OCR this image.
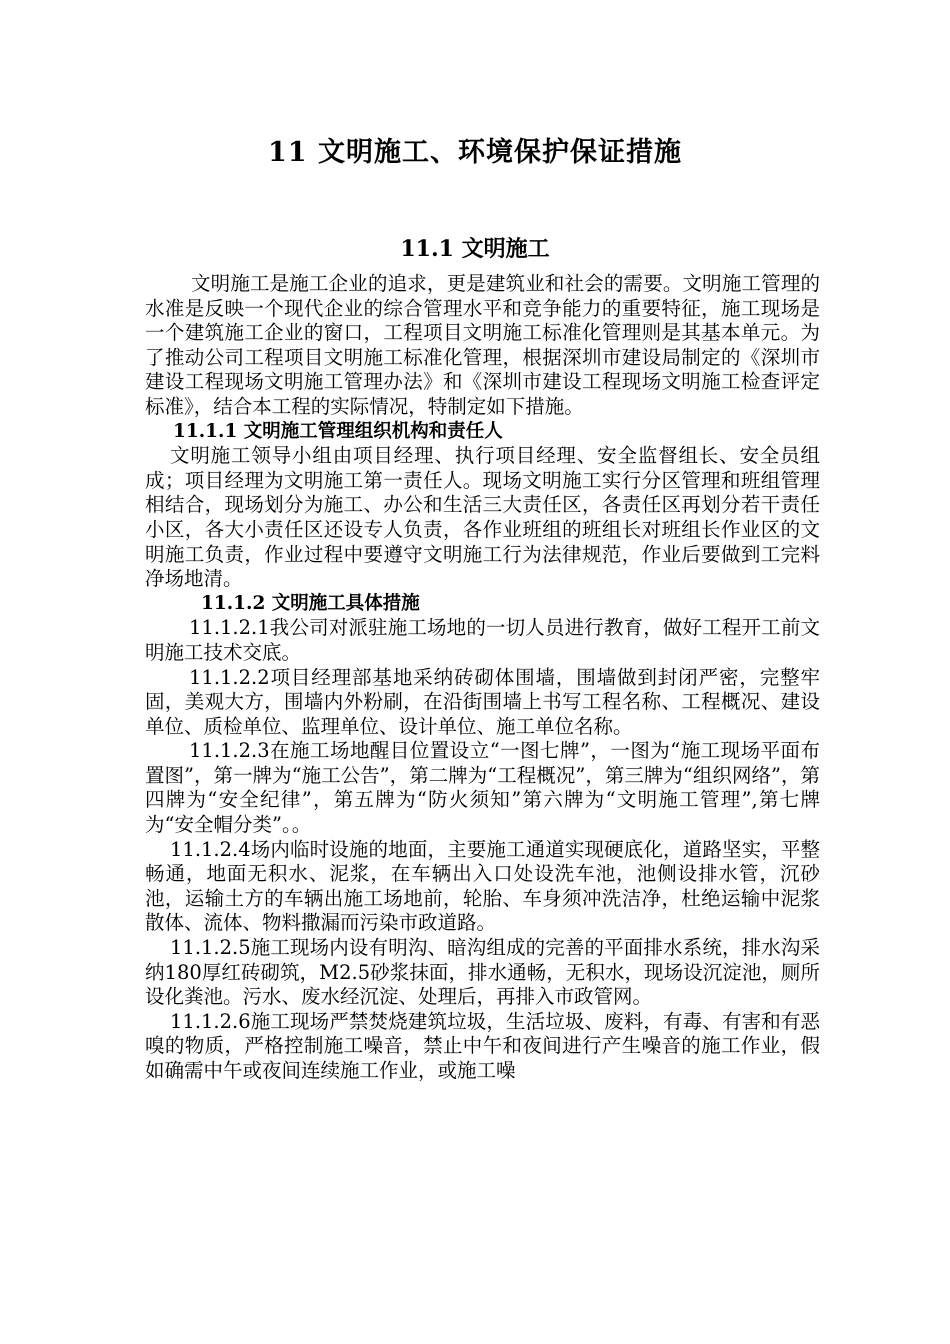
11 文明施工、环境保护保证措施
11.1 文明施工

文明施工是施工企业的追求，更是建筑业和社会的需要。文明施工管理的水准是反映一个现代企业的综合管理水平和竞争能力的重要特征，施工现场是一个建筑施工企业的窗口，工程项目文明施工标准化管理则是其基本单元。为了推动公司工程项目文明施工标准化管理，根据深圳市建设局制定的《深圳市建设工程现场文明施工管理办法》和《深圳市建设工程现场文明施工检查评定标准》，结合本工程的实际情况，特制定如下措施。

11.1.1 文明施工管理组织机构和责任人

文明施工领导小组由项目经理、执行项目经理、安全监督组长、安全员组成；项目经理为文明施工第一责任人。现场文明施工实行分区管理和班组管理相结合，现场划分为施工、办公和生活三大责任区，各责任区再划分若干责任小区，各大小责任区还设专人负责，各作业班组的班组长对班组长作业区的文明施工负责，作业过程中要遵守文明施工行为法律规范，作业后要做到工完料净场地清。

11.1.2 文明施工具体措施

11.1.2.1我公司对派驻施工场地的一切人员进行教育，做好工程开工前文明施工技术交底。

11.1.2.2项目经理部基地采纳砖砌体围墙，围墙做到封闭严密，完整牢固，美观大方，围墙内外粉刷，在沿街围墙上书写工程名称、工程概况、建设单位、质检单位、监理单位、设计单位、施工单位名称。

11.1.2.3在施工场地醒目位置设立“一图七牌”，一图为“施工现场平面布置图”，第一牌为“施工公告”，第二牌为“工程概况”，第三牌为“组织网络”，第四牌为“安全纪律”，第五牌为“防火须知”第六牌为“文明施工管理”,第七牌为“安全帽分类”。。

11.1.2.4场内临时设施的地面，主要施工通道实现硬底化，道路坚实，平整畅通，地面无积水、泥浆，在车辆出入口处设洗车池，池侧设排水管，沉砂池，运输土方的车辆出施工场地前，轮胎、车身须冲洗洁净，杜绝运输中泥浆散体、流体、物料撒漏而污染市政道路。

11.1.2.5施工现场内设有明沟、暗沟组成的完善的平面排水系统，排水沟采纳180厚红砖砌筑，M2.5砂浆抹面，排水通畅，无积水，现场设沉淀池，厕所设化粪池。污水、废水经沉淀、处理后，再排入市政管网。

11.1.2.6施工现场严禁焚烧建筑垃圾，生活垃圾、废料，有毒、有害和有恶嗅的物质，严格控制施工噪音，禁止中午和夜间进行产生噪音的施工作业，假如确需中午或夜间连续施工作业，或施工噪
